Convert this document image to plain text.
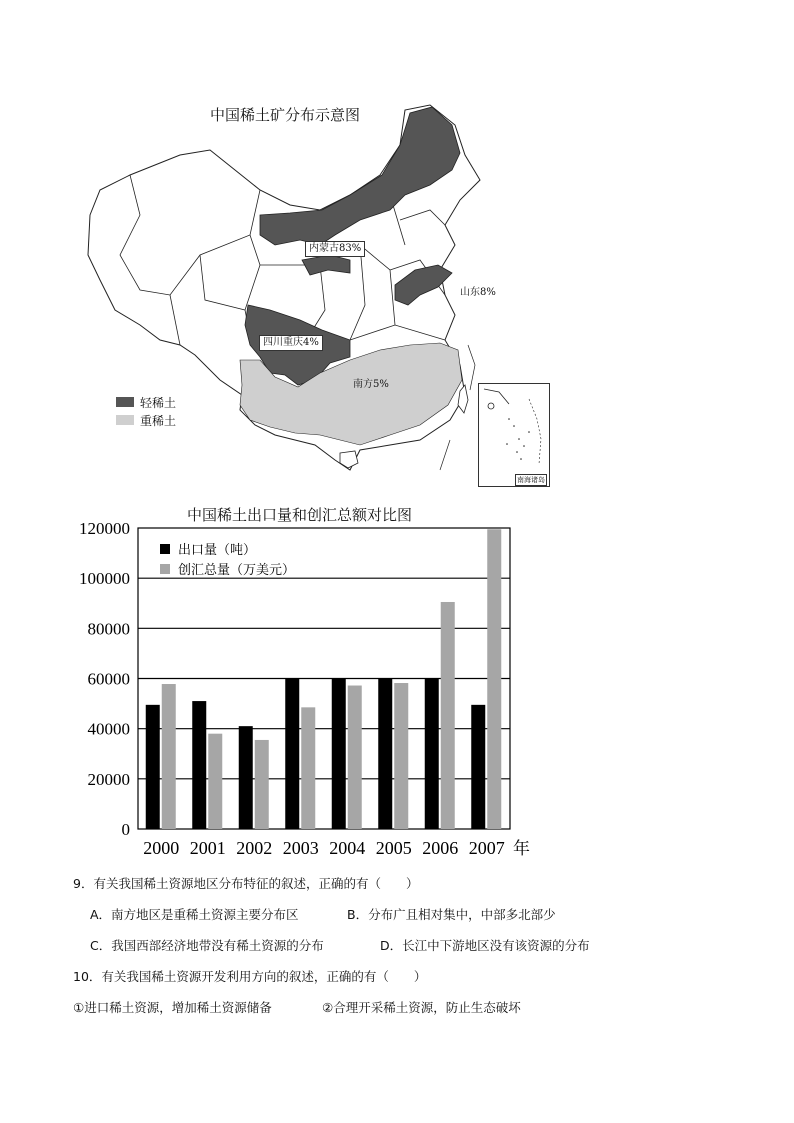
中国稀土矿分布示意图
内蒙古83%
山东8%
四川重庆4%
南方5%
轻稀土
重稀土
南海诸岛
中国稀土出口量和创汇总额对比图
0
20000
40000
60000
80000
100000
120000
2000 2001 2002 2003 2004 2005 2006 2007 年
出口量（吨）
创汇总量（万美元）
9．有关我国稀土资源地区分布特征的叙述，正确的有（　　）
A．南方地区是重稀土资源主要分布区	B．分布广且相对集中，中部多北部少
C．我国西部经济地带没有稀土资源的分布	D．长江中下游地区没有该资源的分布
10．有关我国稀土资源开发利用方向的叙述，正确的有（　　）
①进口稀土资源，增加稀土资源储备	②合理开采稀土资源，防止生态破坏
